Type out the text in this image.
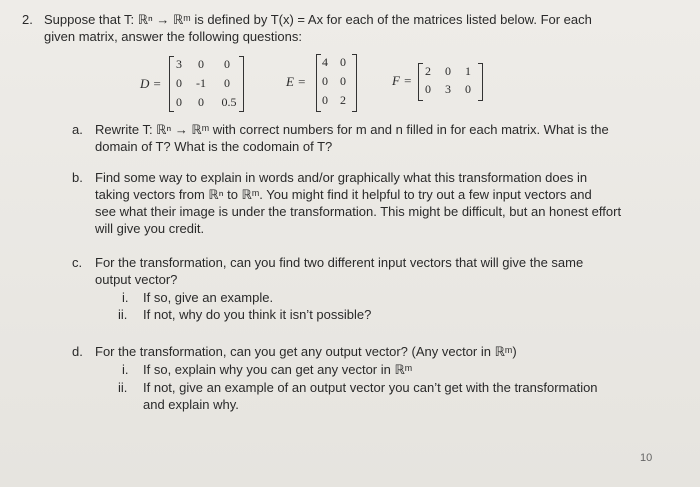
2. Suppose that T: ℝⁿ → ℝᵐ is defined by T(x) = Ax for each of the matrices listed below. For each
given matrix, answer the following questions:
D =
3	0	0
0	-1	0
0	0	0.5
E =
4	0
0	0
0	2
F =
2	0	1
0	3	0
a. Rewrite T: ℝⁿ → ℝᵐ with correct numbers for m and n filled in for each matrix. What is the
domain of T? What is the codomain of T?
b. Find some way to explain in words and/or graphically what this transformation does in
taking vectors from ℝⁿ to ℝᵐ. You might find it helpful to try out a few input vectors and
see what their image is under the transformation. This might be difficult, but an honest effort
will give you credit.
c. For the transformation, can you find two different input vectors that will give the same
output vector?
i. If so, give an example.
ii. If not, why do you think it isn’t possible?
d. For the transformation, can you get any output vector? (Any vector in ℝᵐ)
i. If so, explain why you can get any vector in ℝᵐ
ii. If not, give an example of an output vector you can’t get with the transformation
and explain why.
10
